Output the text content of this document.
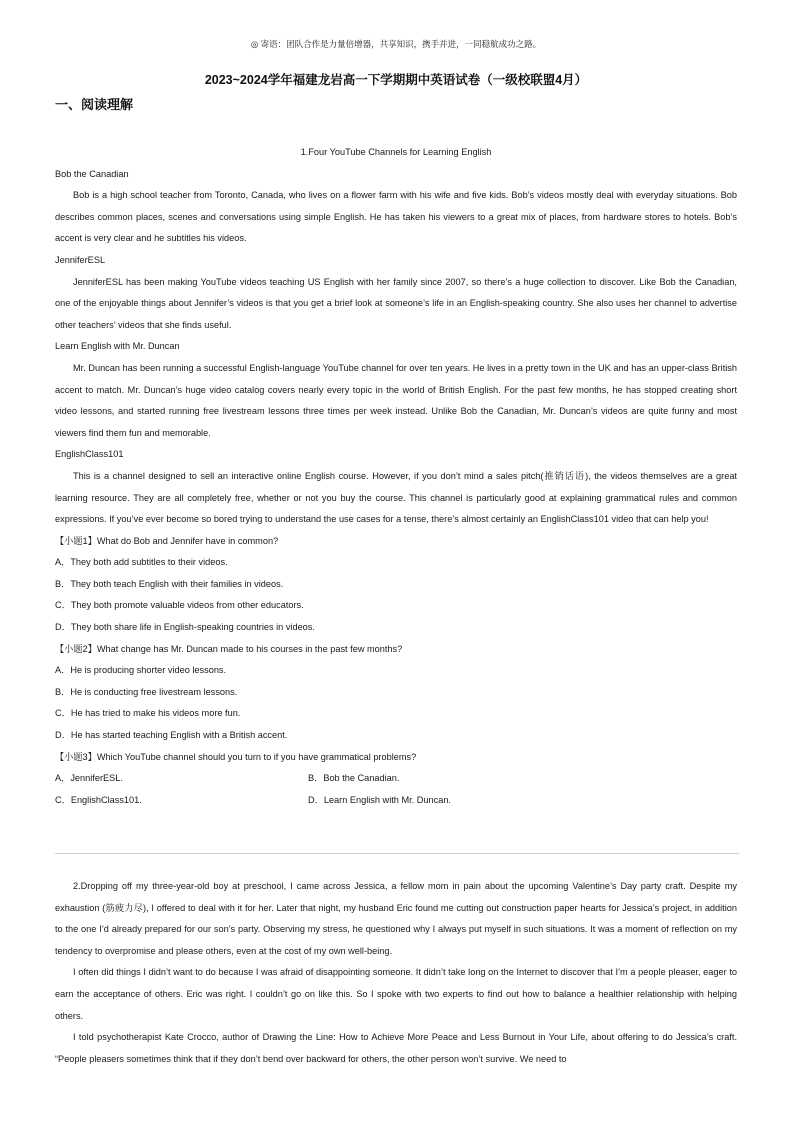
◎ 寄语：团队合作是力量倍增器，共享知识，携手并进，一同稳航成功之路。
2023~2024学年福建龙岩高一下学期期中英语试卷（一级校联盟4月）
一、阅读理解

1.Four YouTube Channels for Learning English

Bob the Canadian

Bob is a high school teacher from Toronto, Canada, who lives on a flower farm with his wife and five kids. Bob’s videos mostly deal with everyday situations. Bob describes common places, scenes and conversations using simple English. He has taken his viewers to a great mix of places, from hardware stores to hotels. Bob’s accent is very clear and he subtitles his videos.

JenniferESL

JenniferESL has been making YouTube videos teaching US English with her family since 2007, so there’s a huge collection to discover. Like Bob the Canadian, one of the enjoyable things about Jennifer’s videos is that you get a brief look at someone’s life in an English-speaking country. She also uses her channel to advertise other teachers’ videos that she finds useful.

Learn English with Mr. Duncan

Mr. Duncan has been running a successful English-language YouTube channel for over ten years. He lives in a pretty town in the UK and has an upper-class British accent to match. Mr. Duncan’s huge video catalog covers nearly every topic in the world of British English. For the past few months, he has stopped creating short video lessons, and started running free livestream lessons three times per week instead. Unlike Bob the Canadian, Mr. Duncan’s videos are quite funny and most viewers find them fun and memorable.

EnglishClass101

This is a channel designed to sell an interactive online English course. However, if you don’t mind a sales pitch(推销话语), the videos themselves are a great learning resource. They are all completely free, whether or not you buy the course. This channel is particularly good at explaining grammatical rules and common expressions. If you’ve ever become so bored trying to understand the use cases for a tense, there’s almost certainly an EnglishClass101 video that can help you!

【小题1】What do Bob and Jennifer have in common?

A．They both add subtitles to their videos.

B．They both teach English with their families in videos.

C．They both promote valuable videos from other educators.

D．They both share life in English-speaking countries in videos.

【小题2】What change has Mr. Duncan made to his courses in the past few months?

A．He is producing shorter video lessons.

B．He is conducting free livestream lessons.

C．He has tried to make his videos more fun.

D．He has started teaching English with a British accent.

【小题3】Which YouTube channel should you turn to if you have grammatical problems?

A．JenniferESL.	B．Bob the Canadian.
C．EnglishClass101.	D．Learn English with Mr. Duncan.

2.Dropping off my three-year-old boy at preschool, I came across Jessica, a fellow mom in pain about the upcoming Valentine’s Day party craft. Despite my exhaustion (筋疲力尽), I offered to deal with it for her. Later that night, my husband Eric found me cutting out construction paper hearts for Jessica’s project, in addition to the one I’d already prepared for our son’s party. Observing my stress, he questioned why I always put myself in such situations. It was a moment of reflection on my tendency to overpromise and please others, even at the cost of my own well-being.

I often did things I didn’t want to do because I was afraid of disappointing someone. It didn’t take long on the Internet to discover that I’m a people pleaser, eager to earn the acceptance of others. Eric was right. I couldn’t go on like this. So I spoke with two experts to find out how to balance a healthier relationship with helping others.

I told psychotherapist Kate Crocco, author of Drawing the Line: How to Achieve More Peace and Less Burnout in Your Life, about offering to do Jessica’s craft. “People pleasers sometimes think that if they don’t bend over backward for others, the other person won’t survive. We need to
